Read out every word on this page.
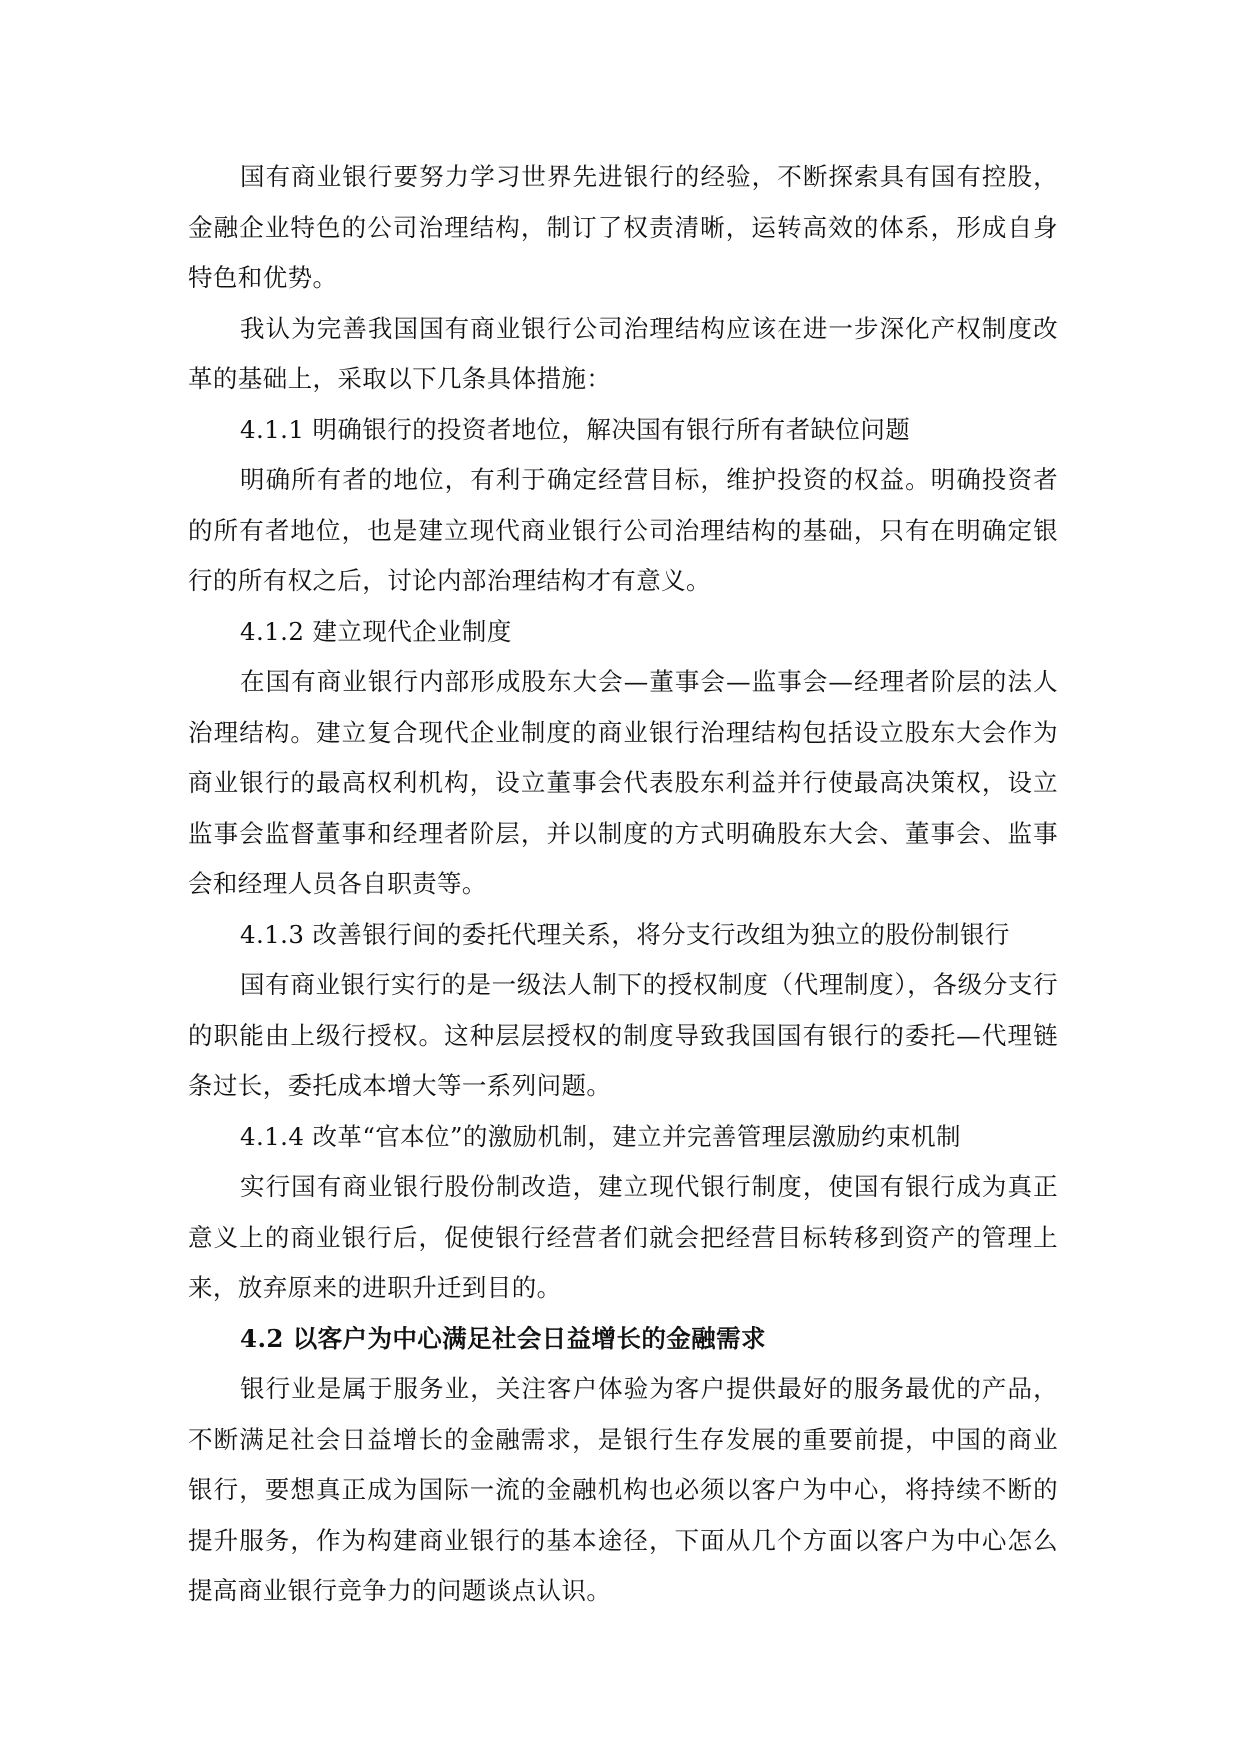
国有商业银行要努力学习世界先进银行的经验，不断探索具有国有控股，金融企业特色的公司治理结构，制订了权责清晰，运转高效的体系，形成自身特色和优势。

我认为完善我国国有商业银行公司治理结构应该在进一步深化产权制度改革的基础上，采取以下几条具体措施：

4.1.1 明确银行的投资者地位，解决国有银行所有者缺位问题

明确所有者的地位，有利于确定经营目标，维护投资的权益。明确投资者的所有者地位，也是建立现代商业银行公司治理结构的基础，只有在明确定银行的所有权之后，讨论内部治理结构才有意义。

4.1.2 建立现代企业制度

在国有商业银行内部形成股东大会—董事会—监事会—经理者阶层的法人治理结构。建立复合现代企业制度的商业银行治理结构包括设立股东大会作为商业银行的最高权利机构，设立董事会代表股东利益并行使最高决策权，设立监事会监督董事和经理者阶层，并以制度的方式明确股东大会、董事会、监事会和经理人员各自职责等。

4.1.3 改善银行间的委托代理关系，将分支行改组为独立的股份制银行

国有商业银行实行的是一级法人制下的授权制度（代理制度），各级分支行的职能由上级行授权。这种层层授权的制度导致我国国有银行的委托—代理链条过长，委托成本增大等一系列问题。

4.1.4 改革“官本位”的激励机制，建立并完善管理层激励约束机制

实行国有商业银行股份制改造，建立现代银行制度，使国有银行成为真正意义上的商业银行后，促使银行经营者们就会把经营目标转移到资产的管理上来，放弃原来的进职升迁到目的。

4.2 以客户为中心满足社会日益增长的金融需求

银行业是属于服务业，关注客户体验为客户提供最好的服务最优的产品，不断满足社会日益增长的金融需求，是银行生存发展的重要前提，中国的商业银行，要想真正成为国际一流的金融机构也必须以客户为中心，将持续不断的提升服务，作为构建商业银行的基本途径，下面从几个方面以客户为中心怎么提高商业银行竞争力的问题谈点认识。
